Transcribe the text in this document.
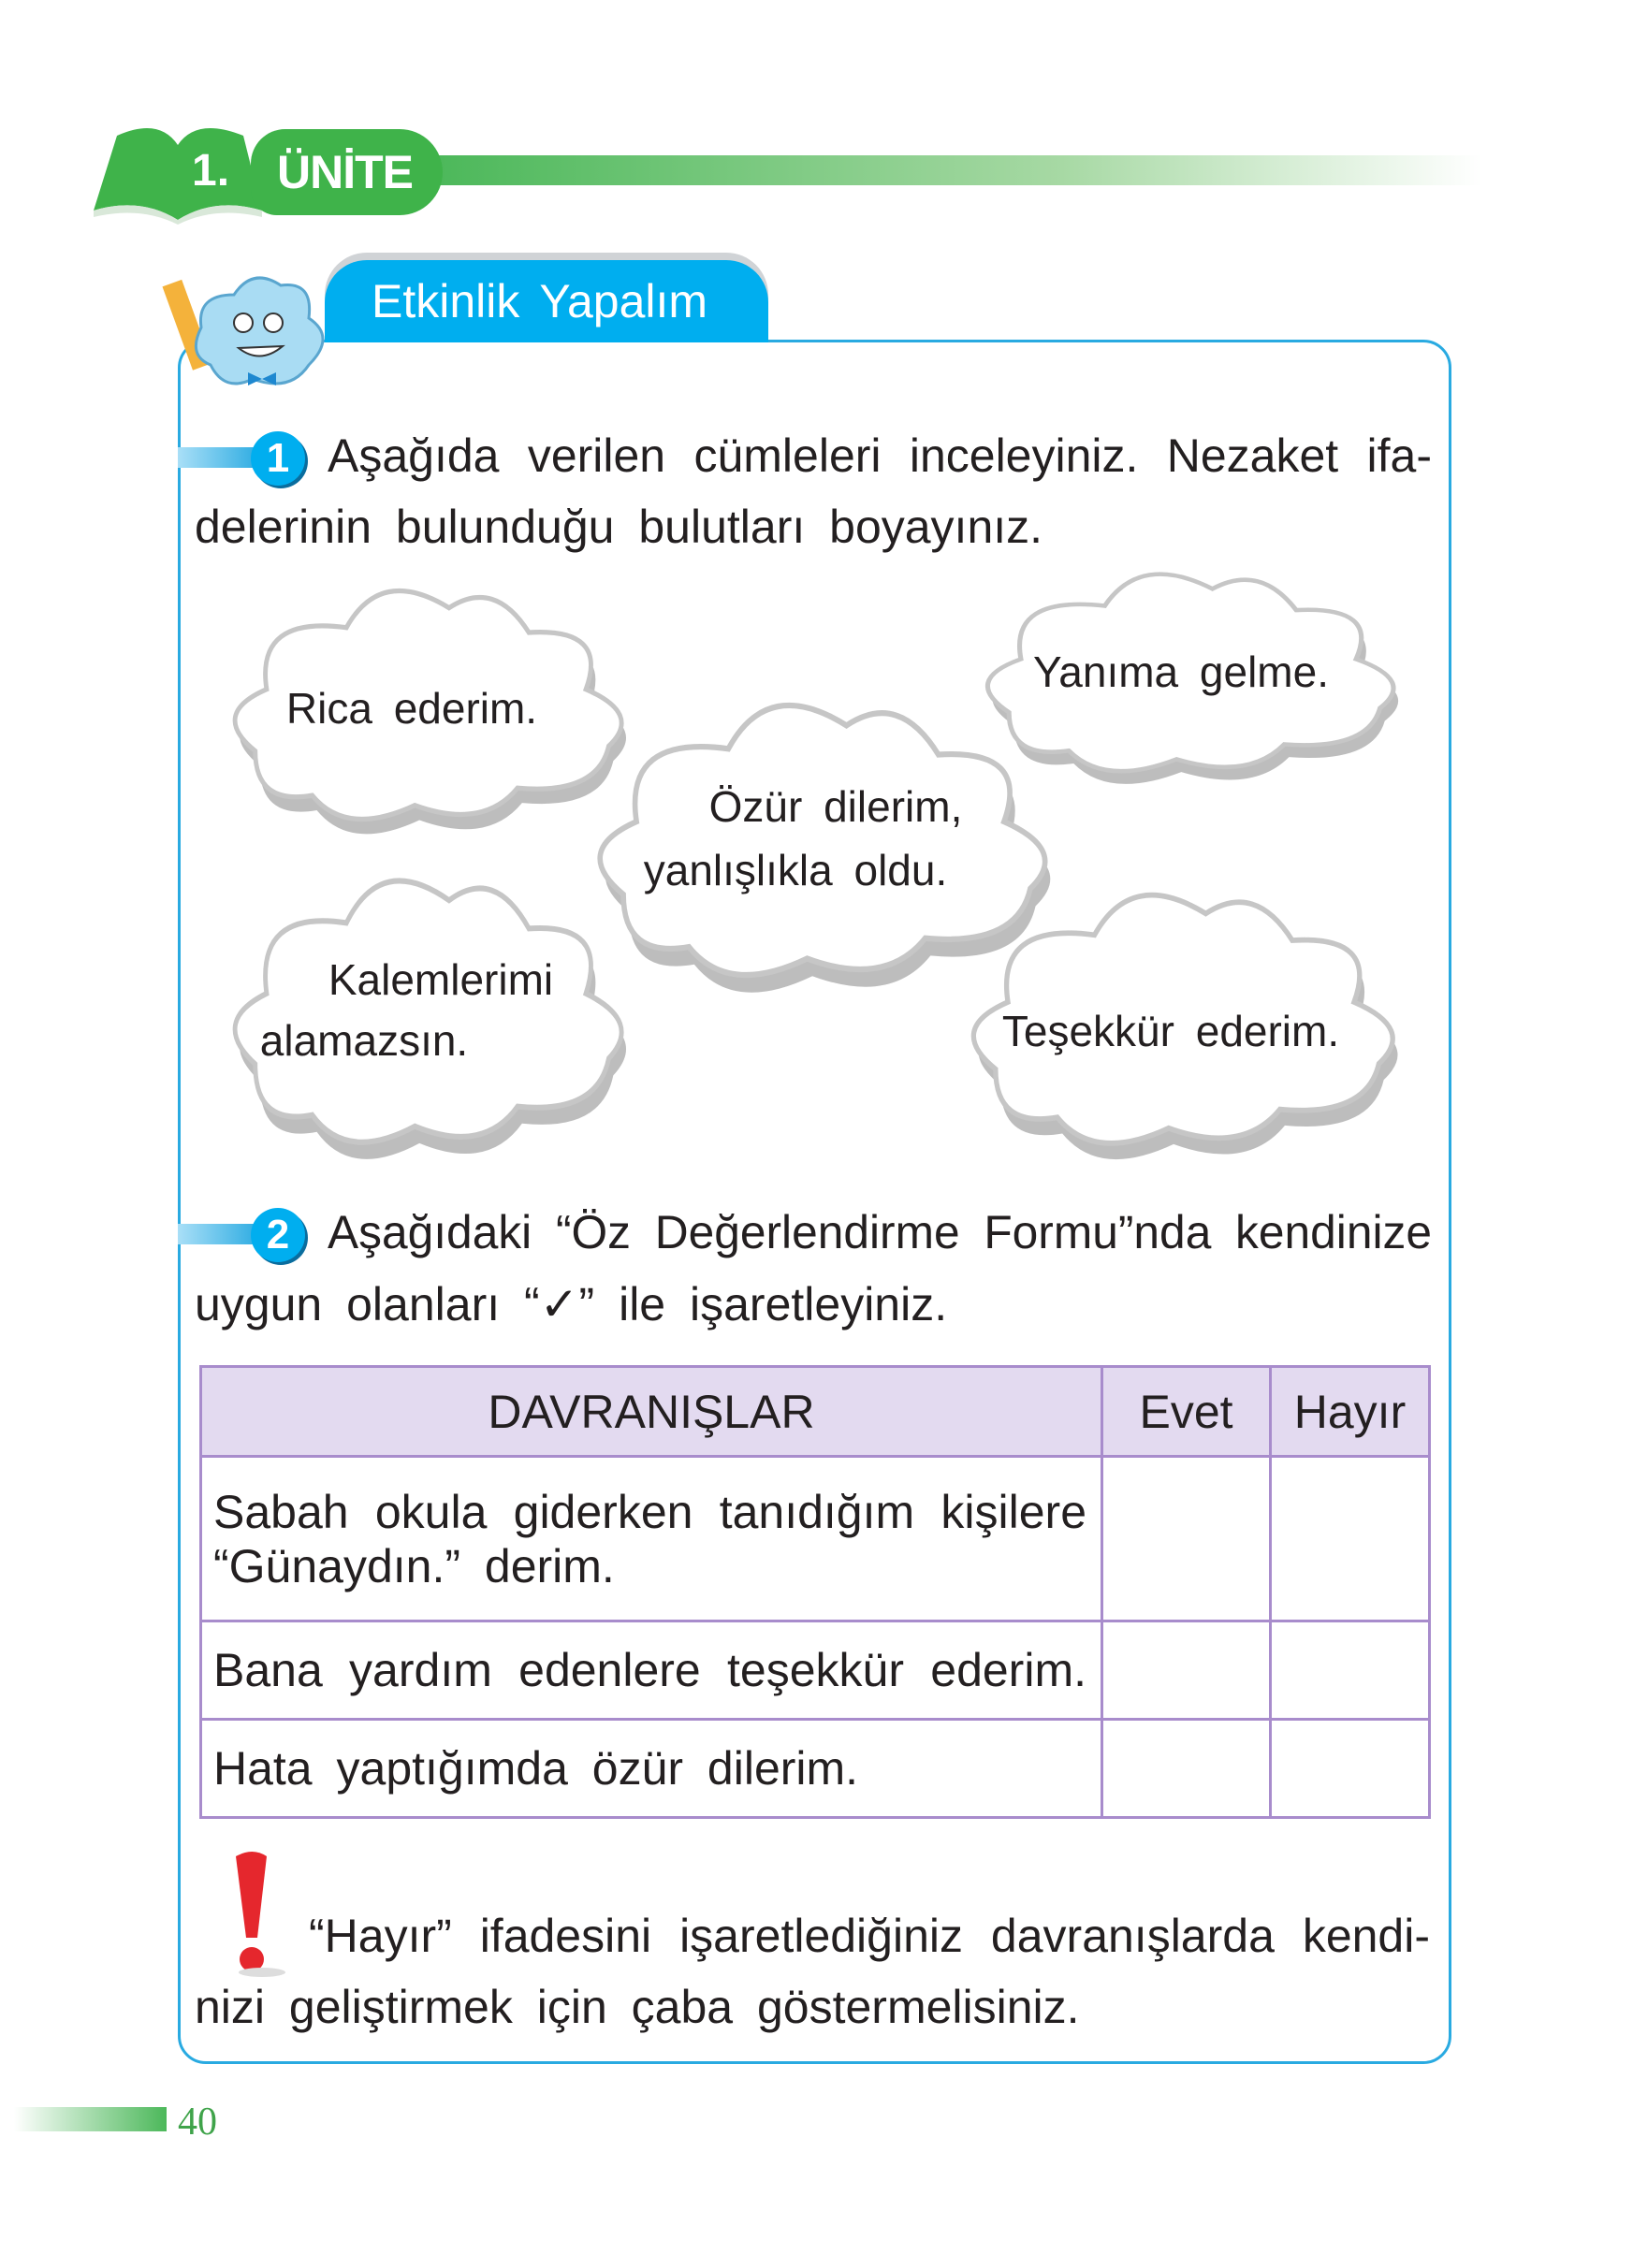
ÜNİTE
1.
Etkinlik Yapalım
1 Aşağıda verilen cümleleri inceleyiniz. Nezaket ifa-
delerinin bulunduğu bulutları boyayınız.
Rica ederim.
Yanıma gelme.
Özür dilerim,
yanlışlıkla oldu.
Kalemlerimi
alamazsın.	Teşekkür ederim.
2 Aşağıdaki “Öz Değerlendirme Formu”nda kendinize
uygun olanları “✓” ile işaretleyiniz.
DAVRANIŞLAR	Evet	Hayır

Sabah okula giderken tanıdığım kişilere
“Günaydın.” derim.		

Bana yardım edenlere teşekkür ederim.		

Hata yaptığımda özür dilerim.		

“Hayır” ifadesini işaretlediğiniz davranışlarda kendi-
nizi geliştirmek için çaba göstermelisiniz.
40
